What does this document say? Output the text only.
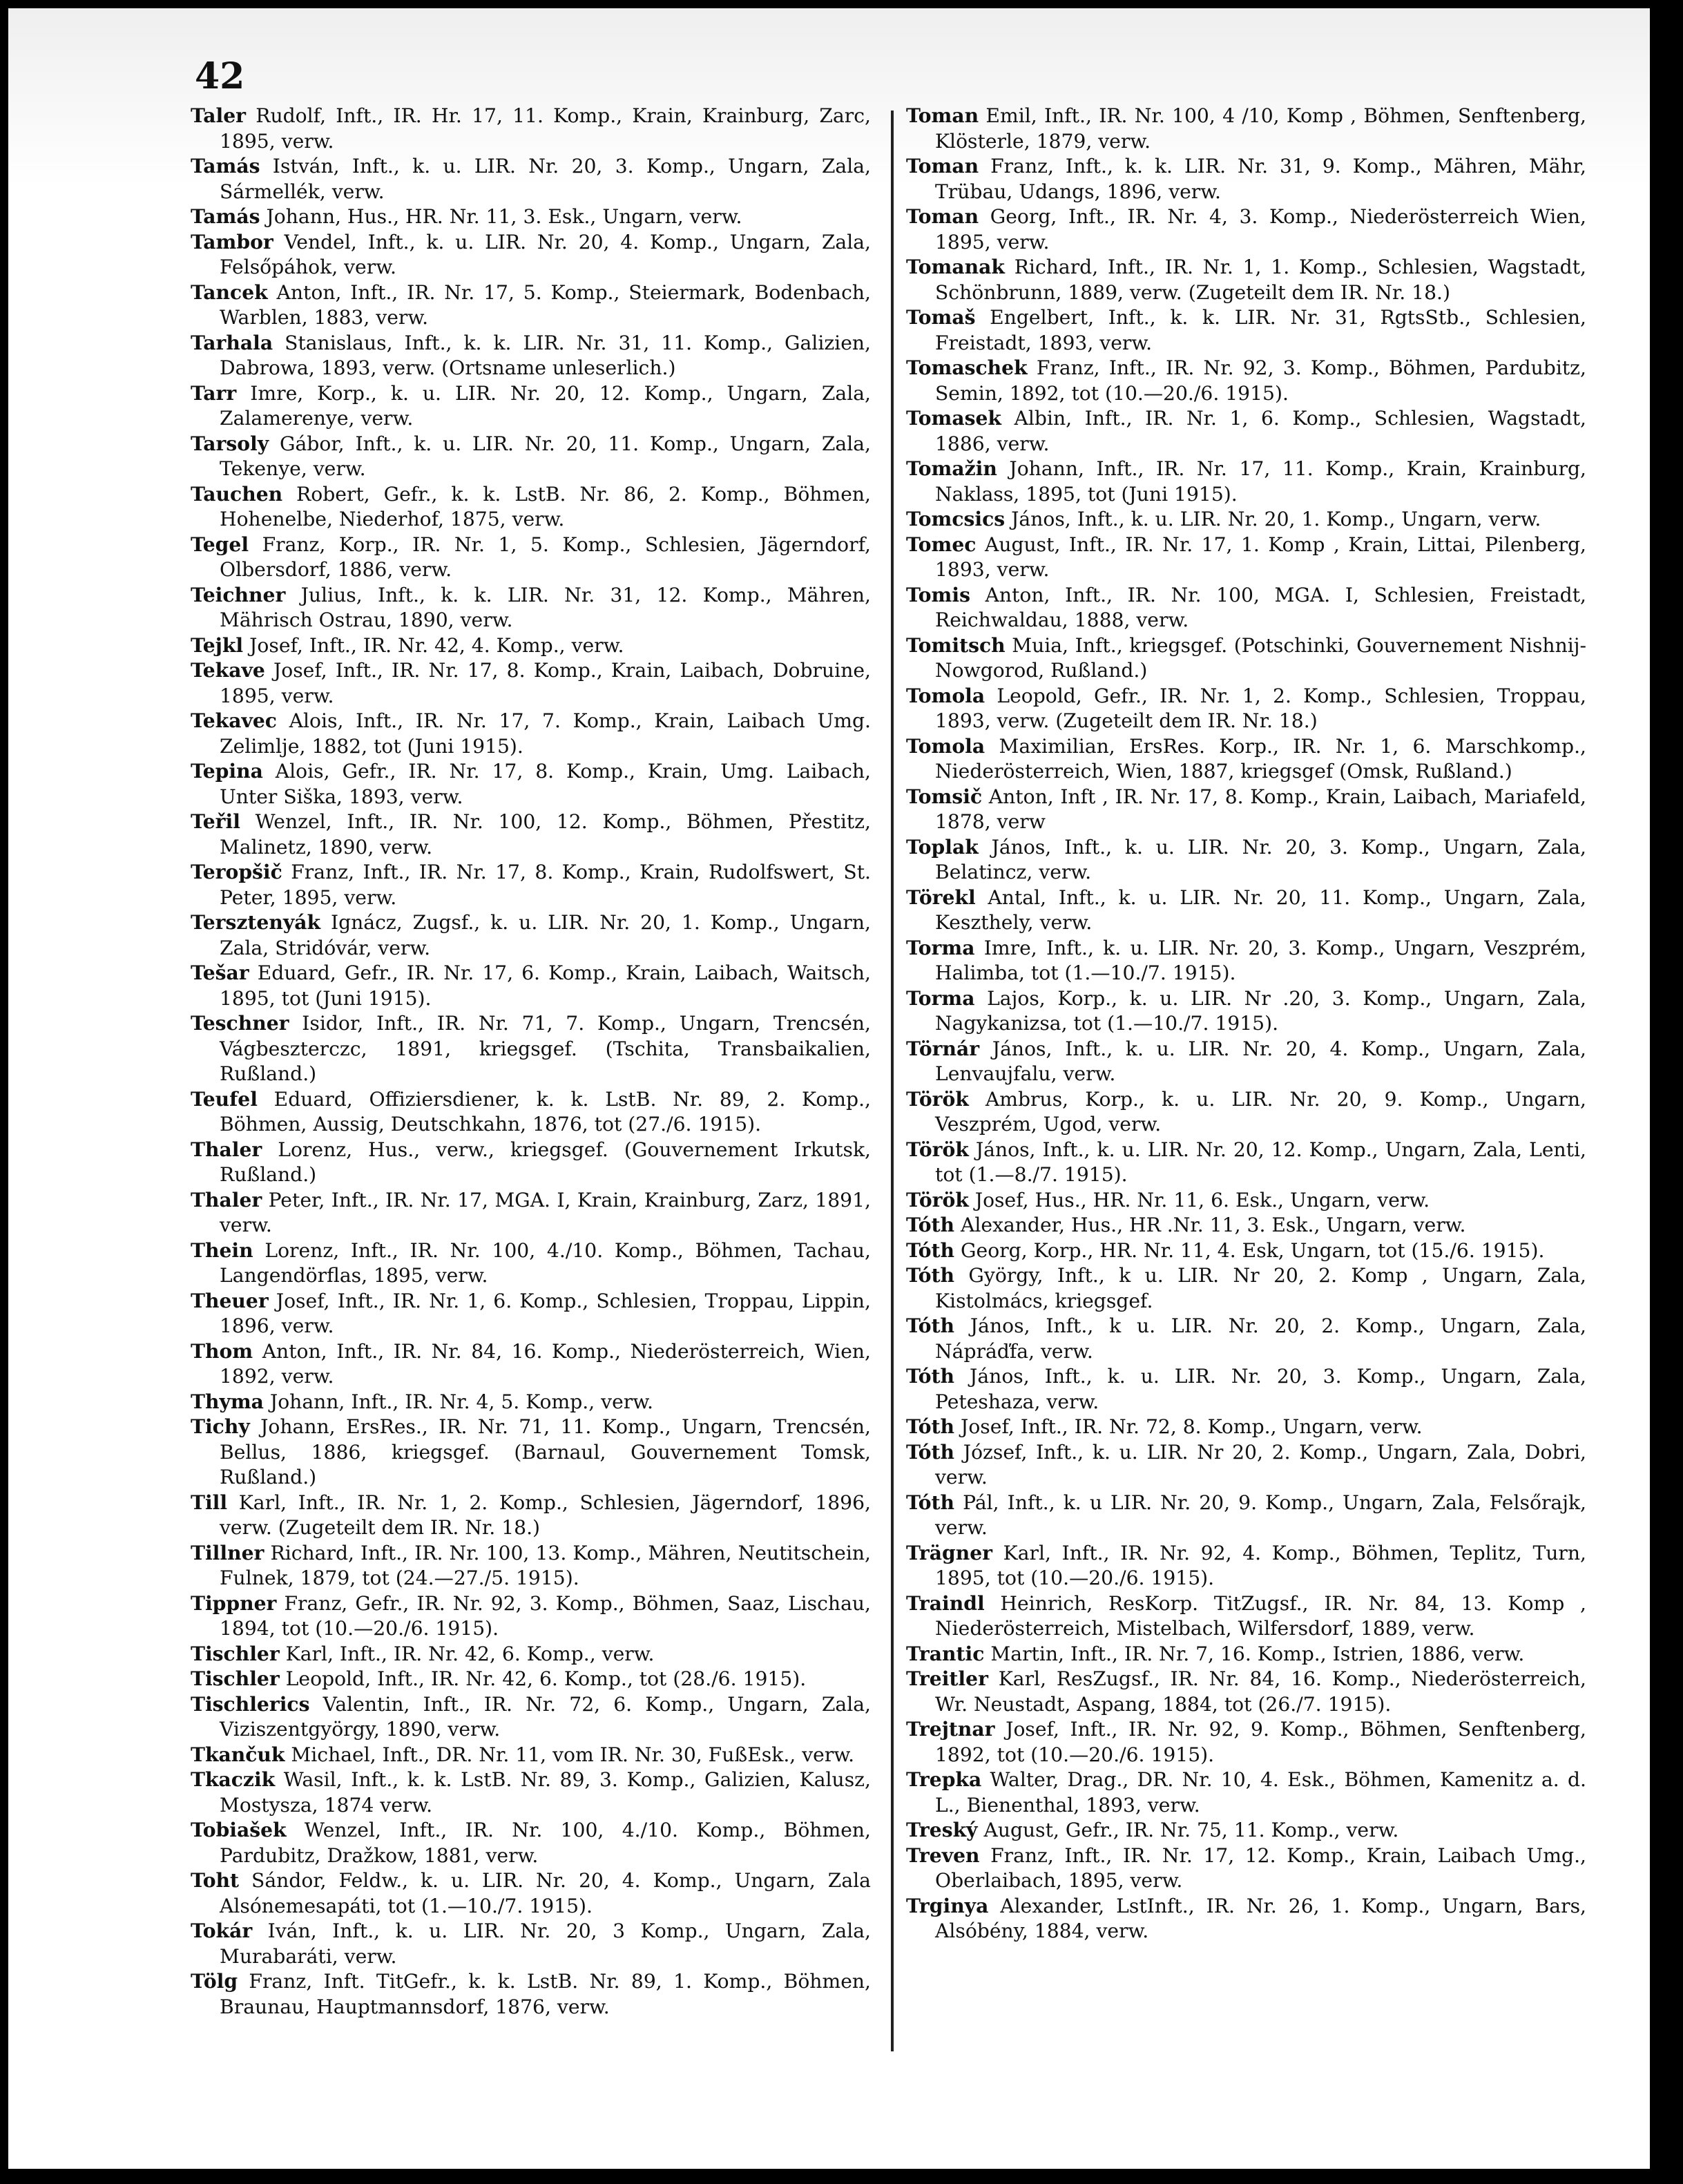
42

Taler Rudolf, Inft., IR. Hr. 17, 11. Komp., Krain, Krainburg, Zarc, 1895, verw.

Tamás István, Inft., k. u. LIR. Nr. 20, 3. Komp., Ungarn, Zala, Sármellék, verw.

Tamás Johann, Hus., HR. Nr. 11, 3. Esk., Ungarn, verw.

Tambor Vendel, Inft., k. u. LIR. Nr. 20, 4. Komp., Ungarn, Zala, Felsőpáhok, verw.

Tancek Anton, Inft., IR. Nr. 17, 5. Komp., Steiermark, Bodenbach, Warblen, 1883, verw.

Tarhala Stanislaus, Inft., k. k. LIR. Nr. 31, 11. Komp., Galizien, Dabrowa, 1893, verw. (Ortsname unleserlich.)

Tarr Imre, Korp., k. u. LIR. Nr. 20, 12. Komp., Ungarn, Zala, Zalamerenye, verw.

Tarsoly Gábor, Inft., k. u. LIR. Nr. 20, 11. Komp., Ungarn, Zala, Tekenye, verw.

Tauchen Robert, Gefr., k. k. LstB. Nr. 86, 2. Komp., Böhmen, Hohenelbe, Niederhof, 1875, verw.

Tegel Franz, Korp., IR. Nr. 1, 5. Komp., Schlesien, Jägerndorf, Olbersdorf, 1886, verw.

Teichner Julius, Inft., k. k. LIR. Nr. 31, 12. Komp., Mähren, Mährisch Ostrau, 1890, verw.

Tejkl Josef, Inft., IR. Nr. 42, 4. Komp., verw.

Tekave Josef, Inft., IR. Nr. 17, 8. Komp., Krain, Laibach, Dobruine, 1895, verw.

Tekavec Alois, Inft., IR. Nr. 17, 7. Komp., Krain, Laibach Umg. Zelimlje, 1882, tot (Juni 1915).

Tepina Alois, Gefr., IR. Nr. 17, 8. Komp., Krain, Umg. Laibach, Unter Siška, 1893, verw.

Teřil Wenzel, Inft., IR. Nr. 100, 12. Komp., Böhmen, Přestitz, Malinetz, 1890, verw.

Teropšič Franz, Inft., IR. Nr. 17, 8. Komp., Krain, Rudolfswert, St. Peter, 1895, verw.

Tersztenyák Ignácz, Zugsf., k. u. LIR. Nr. 20, 1. Komp., Ungarn, Zala, Stridóvár, verw.

Tešar Eduard, Gefr., IR. Nr. 17, 6. Komp., Krain, Laibach, Waitsch, 1895, tot (Juni 1915).

Teschner Isidor, Inft., IR. Nr. 71, 7. Komp., Ungarn, Trencsén, Vágbeszterczc, 1891, kriegsgef. (Tschita, Transbaikalien, Rußland.)

Teufel Eduard, Offiziersdiener, k. k. LstB. Nr. 89, 2. Komp., Böhmen, Aussig, Deutschkahn, 1876, tot (27./6. 1915).

Thaler Lorenz, Hus., verw., kriegsgef. (Gouvernement Irkutsk, Rußland.)

Thaler Peter, Inft., IR. Nr. 17, MGA. I, Krain, Krainburg, Zarz, 1891, verw.

Thein Lorenz, Inft., IR. Nr. 100, 4./10. Komp., Böhmen, Tachau, Langendörflas, 1895, verw.

Theuer Josef, Inft., IR. Nr. 1, 6. Komp., Schlesien, Troppau, Lippin, 1896, verw.

Thom Anton, Inft., IR. Nr. 84, 16. Komp., Niederösterreich, Wien, 1892, verw.

Thyma Johann, Inft., IR. Nr. 4, 5. Komp., verw.

Tichy Johann, ErsRes., IR. Nr. 71, 11. Komp., Ungarn, Trencsén, Bellus, 1886, kriegsgef. (Barnaul, Gouvernement Tomsk, Rußland.)

Till Karl, Inft., IR. Nr. 1, 2. Komp., Schlesien, Jägerndorf, 1896, verw. (Zugeteilt dem IR. Nr. 18.)

Tillner Richard, Inft., IR. Nr. 100, 13. Komp., Mähren, Neutitschein, Fulnek, 1879, tot (24.—27./5. 1915).

Tippner Franz, Gefr., IR. Nr. 92, 3. Komp., Böhmen, Saaz, Lischau, 1894, tot (10.—20./6. 1915).

Tischler Karl, Inft., IR. Nr. 42, 6. Komp., verw.

Tischler Leopold, Inft., IR. Nr. 42, 6. Komp., tot (28./6. 1915).

Tischlerics Valentin, Inft., IR. Nr. 72, 6. Komp., Ungarn, Zala, Viziszentgyörgy, 1890, verw.

Tkančuk Michael, Inft., DR. Nr. 11, vom IR. Nr. 30, FußEsk., verw.

Tkaczik Wasil, Inft., k. k. LstB. Nr. 89, 3. Komp., Galizien, Kalusz, Mostyszа, 1874 verw.

Tobiašek Wenzel, Inft., IR. Nr. 100, 4./10. Komp., Böhmen, Pardubitz, Dražkow, 1881, verw.

Toht Sándor, Feldw., k. u. LIR. Nr. 20, 4. Komp., Ungarn, Zala Alsónemesapáti, tot (1.—10./7. 1915).

Tokár Iván, Inft., k. u. LIR. Nr. 20, 3 Komp., Ungarn, Zala, Murabaráti, verw.

Tölg Franz, Inft. TitGefr., k. k. LstB. Nr. 89, 1. Komp., Böhmen, Braunau, Hauptmannsdorf, 1876, verw.

Toman Emil, Inft., IR. Nr. 100, 4 /10, Komp , Böhmen, Senftenberg, Klösterle, 1879, verw.

Toman Franz, Inft., k. k. LIR. Nr. 31, 9. Komp., Mähren, Mähr, Trübau, Udangs, 1896, verw.

Toman Georg, Inft., IR. Nr. 4, 3. Komp., Niederösterreich Wien, 1895, verw.

Tomanak Richard, Inft., IR. Nr. 1, 1. Komp., Schlesien, Wagstadt, Schönbrunn, 1889, verw. (Zugeteilt dem IR. Nr. 18.)

Tomaš Engelbert, Inft., k. k. LIR. Nr. 31, RgtsStb., Schlesien, Freistadt, 1893, verw.

Tomaschek Franz, Inft., IR. Nr. 92, 3. Komp., Böhmen, Pardubitz, Semin, 1892, tot (10.—20./6. 1915).

Tomasek Albin, Inft., IR. Nr. 1, 6. Komp., Schlesien, Wagstadt, 1886, verw.

Tomažin Johann, Inft., IR. Nr. 17, 11. Komp., Krain, Krainburg, Naklass, 1895, tot (Juni 1915).

Tomcsics János, Inft., k. u. LIR. Nr. 20, 1. Komp., Ungarn, verw.

Tomec August, Inft., IR. Nr. 17, 1. Komp , Krain, Littai, Pilenberg, 1893, verw.

Tomis Anton, Inft., IR. Nr. 100, MGA. I, Schlesien, Freistadt, Reichwaldau, 1888, verw.

Tomitsch Muia, Inft., kriegsgef. (Potschinki, Gouvernement Nishnij-Nowgorod, Rußland.)

Tomola Leopold, Gefr., IR. Nr. 1, 2. Komp., Schlesien, Troppau, 1893, verw. (Zugeteilt dem IR. Nr. 18.)

Tomola Maximilian, ErsRes. Korp., IR. Nr. 1, 6. Marschkomp., Niederösterreich, Wien, 1887, kriegsgef (Omsk, Rußland.)

Tomsič Anton, Inft , IR. Nr. 17, 8. Komp., Krain, Laibach, Mariafeld, 1878, verw

Toplak János, Inft., k. u. LIR. Nr. 20, 3. Komp., Ungarn, Zala, Belatincz, verw.

Törekl Antal, Inft., k. u. LIR. Nr. 20, 11. Komp., Ungarn, Zala, Keszthely, verw.

Torma Imre, Inft., k. u. LIR. Nr. 20, 3. Komp., Ungarn, Veszprém, Halimba, tot (1.—10./7. 1915).

Torma Lajos, Korp., k. u. LIR. Nr .20, 3. Komp., Ungarn, Zala, Nagykanizsa, tot (1.—10./7. 1915).

Törnár János, Inft., k. u. LIR. Nr. 20, 4. Komp., Ungarn, Zala, Lenvaujfalu, verw.

Török Ambrus, Korp., k. u. LIR. Nr. 20, 9. Komp., Ungarn, Veszprém, Ugod, verw.

Török János, Inft., k. u. LIR. Nr. 20, 12. Komp., Ungarn, Zala, Lenti, tot (1.—8./7. 1915).

Török Josef, Hus., HR. Nr. 11, 6. Esk., Ungarn, verw.

Tóth Alexander, Hus., HR .Nr. 11, 3. Esk., Ungarn, verw.

Tóth Georg, Korp., HR. Nr. 11, 4. Esk, Ungarn, tot (15./6. 1915).

Tóth György, Inft., k u. LIR. Nr 20, 2. Komp , Ungarn, Zala, Kistolmács, kriegsgef.

Tóth János, Inft., k u. LIR. Nr. 20, 2. Komp., Ungarn, Zala, Nápráďfa, verw.

Tóth János, Inft., k. u. LIR. Nr. 20, 3. Komp., Ungarn, Zala, Peteshаza, verw.

Tóth Josef, Inft., IR. Nr. 72, 8. Komp., Ungarn, verw.

Tóth József, Inft., k. u. LIR. Nr 20, 2. Komp., Ungarn, Zala, Dobri, verw.

Tóth Pál, Inft., k. u LIR. Nr. 20, 9. Komp., Ungarn, Zala, Felsőrajk, verw.

Trägner Karl, Inft., IR. Nr. 92, 4. Komp., Böhmen, Teplitz, Turn, 1895, tot (10.—20./6. 1915).

Traindl Heinrich, ResKorp. TitZugsf., IR. Nr. 84, 13. Komp , Niederösterreich, Mistelbach, Wilfersdorf, 1889, verw.

Trantic Martin, Inft., IR. Nr. 7, 16. Komp., Istrien, 1886, verw.

Treitler Karl, ResZugsf., IR. Nr. 84, 16. Komp., Niederösterreich, Wr. Neustadt, Aspang, 1884, tot (26./7. 1915).

Trejtnar Josef, Inft., IR. Nr. 92, 9. Komp., Böhmen, Senftenberg, 1892, tot (10.—20./6. 1915).

Trepka Walter, Drag., DR. Nr. 10, 4. Esk., Böhmen, Kamenitz a. d. L., Bienenthal, 1893, verw.

Treský August, Gefr., IR. Nr. 75, 11. Komp., verw.

Treven Franz, Inft., IR. Nr. 17, 12. Komp., Krain, Laibach Umg., Oberlaibach, 1895, verw.

Trginya Alexander, LstInft., IR. Nr. 26, 1. Komp., Ungarn, Bars, Alsóbény, 1884, verw.
